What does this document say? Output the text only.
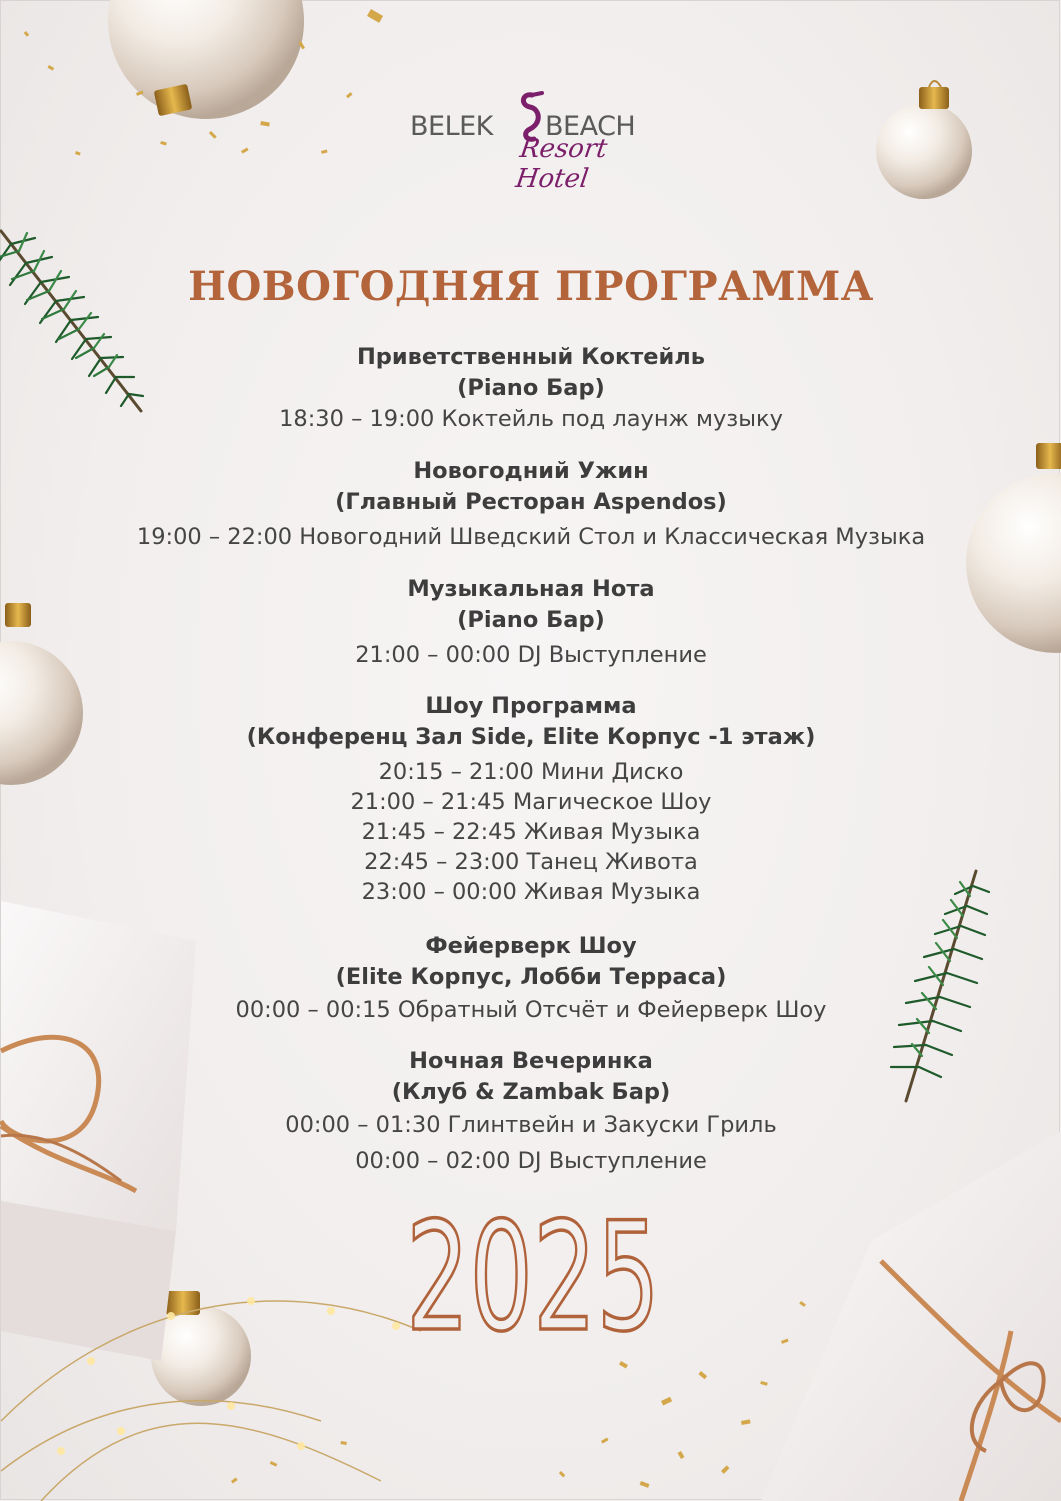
BELEK BEACH
Resort Hotel
НОВОГОДНЯЯ ПРОГРАММА
Приветственный Коктейль
(Piano Бар)
18:30 – 19:00 Коктейль под лаунж музыку
Новогодний Ужин
(Главный Ресторан Aspendos)
19:00 – 22:00 Новогодний Шведский Стол и Классическая Музыка
Музыкальная Нота
(Piano Бар)
21:00 – 00:00 DJ Выступление
Шоу Программа
(Конференц Зал Side, Elite Корпус -1 этаж)
20:15 – 21:00 Мини Диско
21:00 – 21:45 Магическое Шоу
21:45 – 22:45 Живая Музыка
22:45 – 23:00 Танец Живота
23:00 – 00:00 Живая Музыка
Фейерверк Шоу
(Elite Корпус, Лобби Терраса)
00:00 – 00:15 Обратный Отсчёт и Фейерверк Шоу
Ночная Вечеринка
(Клуб & Zambak Бар)
00:00 – 01:30 Глинтвейн и Закуски Гриль
00:00 – 02:00 DJ Выступление
2025
